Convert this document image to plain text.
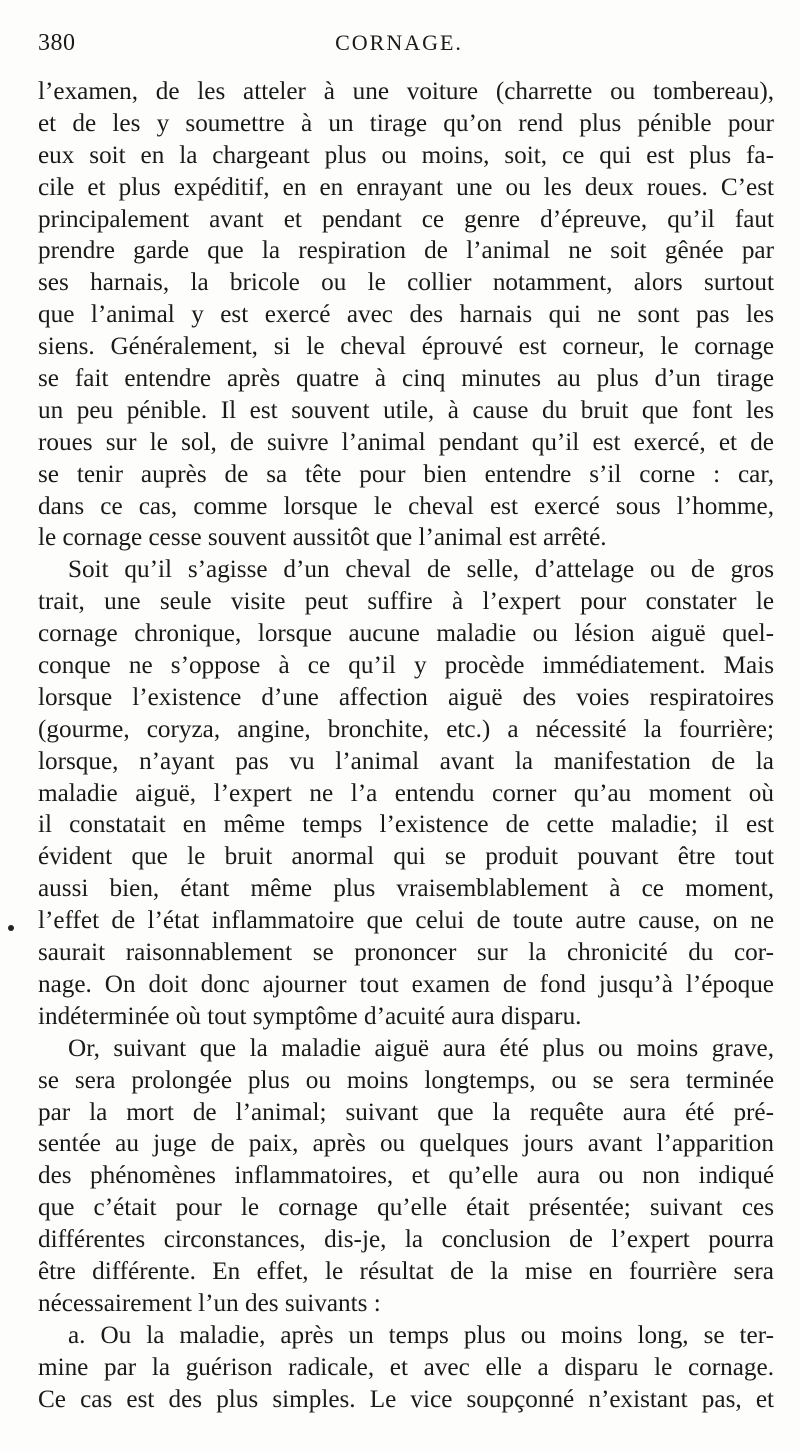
380	CORNAGE.
l’examen, de les atteler à une voiture (charrette ou tombereau),
et de les y soumettre à un tirage qu’on rend plus pénible pour
eux soit en la chargeant plus ou moins, soit, ce qui est plus fa-
cile et plus expéditif, en en enrayant une ou les deux roues. C’est
principalement avant et pendant ce genre d’épreuve, qu’il faut
prendre garde que la respiration de l’animal ne soit gênée par
ses harnais, la bricole ou le collier notamment, alors surtout
que l’animal y est exercé avec des harnais qui ne sont pas les
siens. Généralement, si le cheval éprouvé est corneur, le cornage
se fait entendre après quatre à cinq minutes au plus d’un tirage
un peu pénible. Il est souvent utile, à cause du bruit que font les
roues sur le sol, de suivre l’animal pendant qu’il est exercé, et de
se tenir auprès de sa tête pour bien entendre s’il corne : car,
dans ce cas, comme lorsque le cheval est exercé sous l’homme,
le cornage cesse souvent aussitôt que l’animal est arrêté.
Soit qu’il s’agisse d’un cheval de selle, d’attelage ou de gros
trait, une seule visite peut suffire à l’expert pour constater le
cornage chronique, lorsque aucune maladie ou lésion aiguë quel-
conque ne s’oppose à ce qu’il y procède immédiatement. Mais
lorsque l’existence d’une affection aiguë des voies respiratoires
(gourme, coryza, angine, bronchite, etc.) a nécessité la fourrière;
lorsque, n’ayant pas vu l’animal avant la manifestation de la
maladie aiguë, l’expert ne l’a entendu corner qu’au moment où
il constatait en même temps l’existence de cette maladie; il est
évident que le bruit anormal qui se produit pouvant être tout
aussi bien, étant même plus vraisemblablement à ce moment,
l’effet de l’état inflammatoire que celui de toute autre cause, on ne
saurait raisonnablement se prononcer sur la chronicité du cor-
nage. On doit donc ajourner tout examen de fond jusqu’à l’époque
indéterminée où tout symptôme d’acuité aura disparu.
Or, suivant que la maladie aiguë aura été plus ou moins grave,
se sera prolongée plus ou moins longtemps, ou se sera terminée
par la mort de l’animal; suivant que la requête aura été pré-
sentée au juge de paix, après ou quelques jours avant l’apparition
des phénomènes inflammatoires, et qu’elle aura ou non indiqué
que c’était pour le cornage qu’elle était présentée; suivant ces
différentes circonstances, dis-je, la conclusion de l’expert pourra
être différente. En effet, le résultat de la mise en fourrière sera
nécessairement l’un des suivants :
a. Ou la maladie, après un temps plus ou moins long, se ter-
mine par la guérison radicale, et avec elle a disparu le cornage.
Ce cas est des plus simples. Le vice soupçonné n’existant pas, et
